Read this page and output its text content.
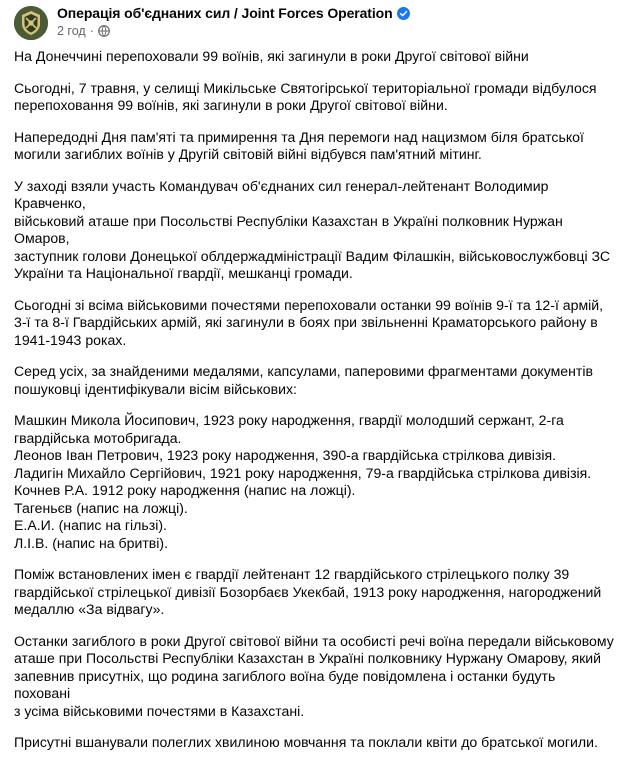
Операція об'єднаних сил / Joint Forces Operation
2 год ·

На Донеччині перепоховали 99 воїнів, які загинули в роки Другої світової війни

Сьогодні, 7 травня, у селищі Микільське Святогірської територіальної громади відбулося
перепоховання 99 воїнів, які загинули в роки Другої світової війни.

Напередодні Дня пам'яті та примирення та Дня перемоги над нацизмом біля братської
могили загиблих воїнів у Другій світовій війні відбувся пам'ятний мітинг.

У заході взяли участь Командувач об'єднаних сил генерал-лейтенант Володимир Кравченко,
військовий аташе при Посольстві Республіки Казахстан в Україні полковник Нуржан Омаров,
заступник голови Донецької облдержадміністрації Вадим Філашкін, військовослужбовці ЗС
України та Національної гвардії, мешканці громади.

Сьогодні зі всіма військовими почестями перепоховали останки 99 воїнів 9-ї та 12-ї армій,
3-ї та 8-ї Гвардійських армій, які загинули в боях при звільненні Краматорського району в
1941-1943 роках.

Серед усіх, за знайденими медалями, капсулами, паперовими фрагментами документів
пошуковці ідентифікували вісім військових:

Машкин Микола Йосипович, 1923 року народження, гвардії молодший сержант, 2-га
гвардійська мотобригада.
Леонов Іван Петрович, 1923 року народження, 390-а гвардійська стрілкова дивізія.
Ладигін Михайло Сергійович, 1921 року народження, 79-а гвардійська стрілкова дивізія.
Кочнев Р.А. 1912 року народження (напис на ложці).
Тагеньєв (напис на ложці).
Е.А.И. (напис на гільзі).
Л.І.В. (напис на бритві).

Поміж встановлених імен є гвардії лейтенант 12 гвардійського стрілецького полку 39
гвардійської стрілецької дивізії Бозорбаєв Укекбай, 1913 року народження, нагороджений
медаллю «За відвагу».

Останки загиблого в роки Другої світової війни та особисті речі воїна передали військовому
аташе при Посольстві Республіки Казахстан в Україні полковнику Нуржану Омарову, який
запевнив присутніх, що родина загиблого воїна буде повідомлена і останки будуть поховані
з усіма військовими почестями в Казахстані.

Присутні вшанували полеглих хвилиною мовчання та поклали квіти до братської могили.
